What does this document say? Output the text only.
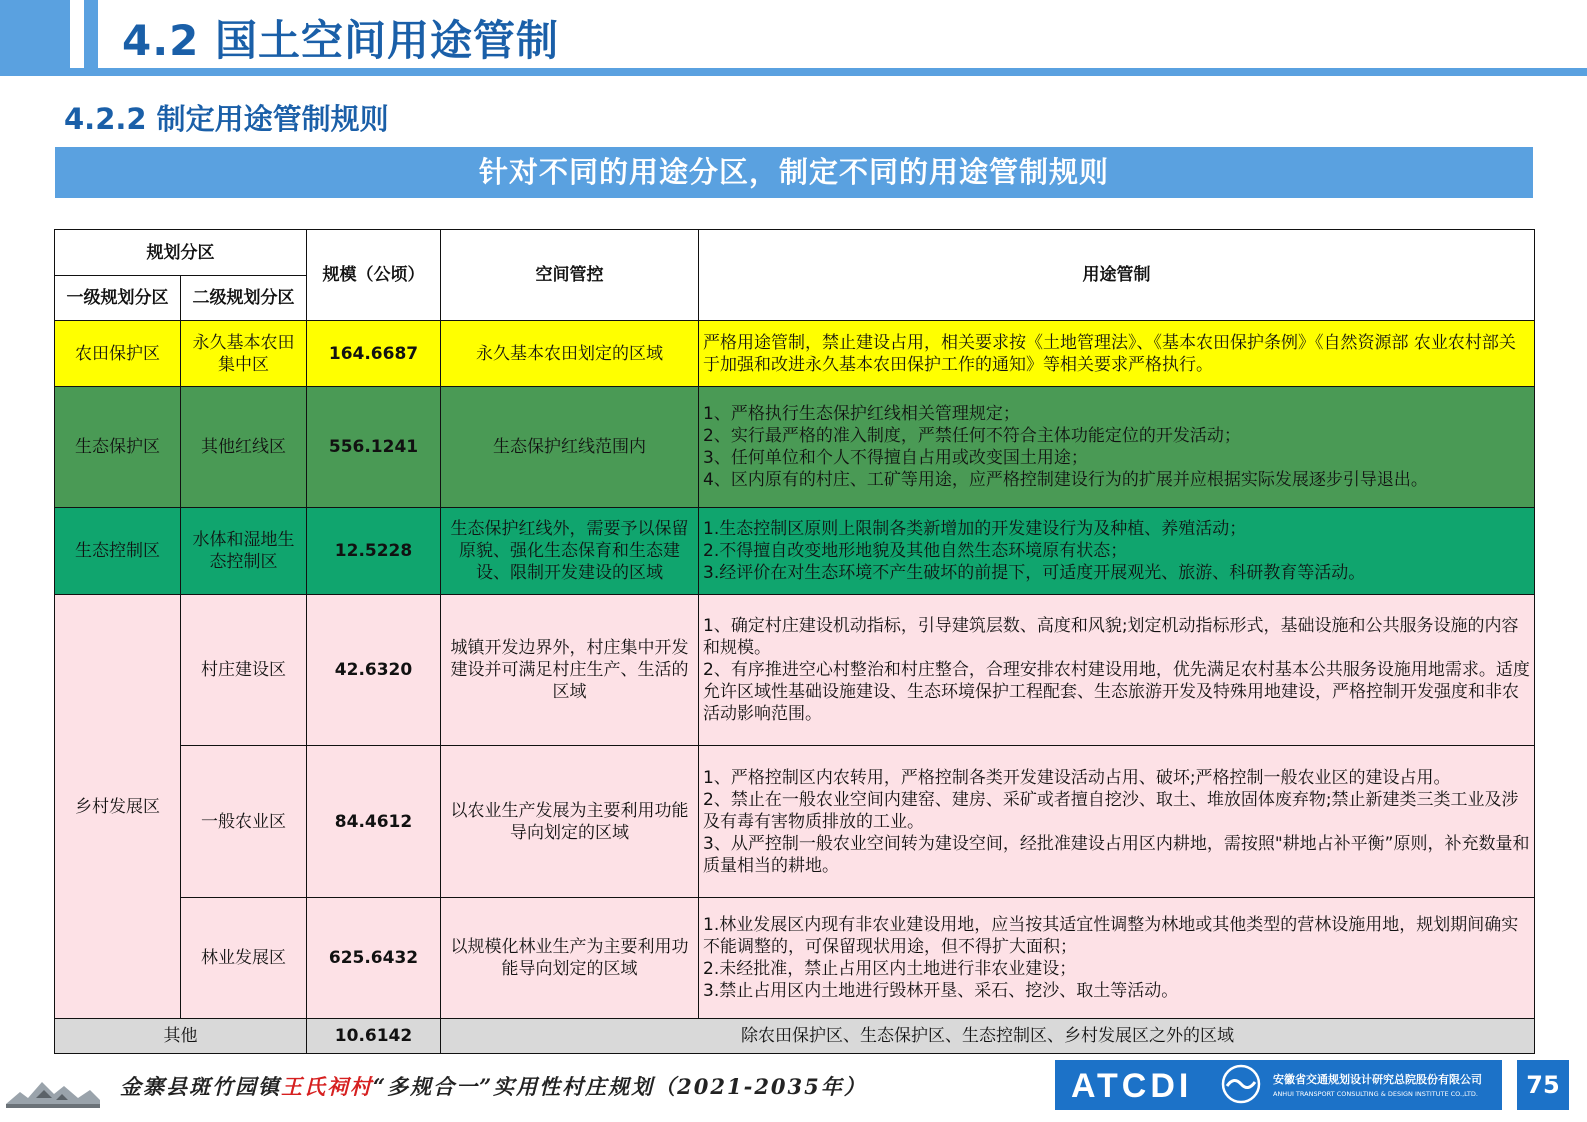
4.2 国土空间用途管制
4.2.2 制定用途管制规则
针对不同的用途分区，制定不同的用途管制规则
规划分区		规模（公顷）	空间管控	用途管制
一级规划分区	二级规划分区			
农田保护区	永久基本农田集中区	164.6687	永久基本农田划定的区域	严格用途管制，禁止建设占用，相关要求按《土地管理法》、《基本农田保护条例》《自然资源部 农业农村部关于加强和改进永久基本农田保护工作的通知》等相关要求严格执行。
生态保护区	其他红线区	556.1241	生态保护红线范围内	1、严格执行生态保护红线相关管理规定；
2、实行最严格的准入制度，严禁任何不符合主体功能定位的开发活动；
3、任何单位和个人不得擅自占用或改变国土用途；
4、区内原有的村庄、工矿等用途，应严格控制建设行为的扩展并应根据实际发展逐步引导退出。
生态控制区	水体和湿地生态控制区	12.5228	生态保护红线外，需要予以保留原貌、强化生态保育和生态建设、限制开发建设的区域	1.生态控制区原则上限制各类新增加的开发建设行为及种植、养殖活动；
2.不得擅自改变地形地貌及其他自然生态环境原有状态；
3.经评价在对生态环境不产生破坏的前提下，可适度开展观光、旅游、科研教育等活动。
乡村发展区	村庄建设区	42.6320	城镇开发边界外，村庄集中开发建设并可满足村庄生产、生活的区域	1、确定村庄建设机动指标，引导建筑层数、高度和风貌;划定机动指标形式，基础设施和公共服务设施的内容和规模。
2、有序推进空心村整治和村庄整合，合理安排农村建设用地，优先满足农村基本公共服务设施用地需求。适度允许区域性基础设施建设、生态环境保护工程配套、生态旅游开发及特殊用地建设，严格控制开发强度和非农活动影响范围。
	一般农业区	84.4612	以农业生产发展为主要利用功能导向划定的区域	1、严格控制区内农转用，严格控制各类开发建设活动占用、破坏;严格控制一般农业区的建设占用。
2、禁止在一般农业空间内建窑、建房、采矿或者擅自挖沙、取土、堆放固体废弃物;禁止新建类三类工业及涉及有毒有害物质排放的工业。
3、从严控制一般农业空间转为建设空间，经批准建设占用区内耕地，需按照"耕地占补平衡”原则，补充数量和质量相当的耕地。
	林业发展区	625.6432	以规模化林业生产为主要利用功能导向划定的区域	1.林业发展区内现有非农业建设用地，应当按其适宜性调整为林地或其他类型的营林设施用地，规划期间确实不能调整的，可保留现状用途，但不得扩大面积；
2.未经批准，禁止占用区内土地进行非农业建设；
3.禁止占用区内土地进行毁林开垦、采石、挖沙、取土等活动。
其他		10.6142	除农田保护区、生态保护区、生态控制区、乡村发展区之外的区域	
金寨县斑竹园镇王氏祠村“多规合一”实用性村庄规划（2021-2035年）	ATCDI	安徽省交通规划设计研究总院股份有限公司
ANHUI TRANSPORT CONSULTING & DESIGN INSTITUTE CO.,LTD.	75
